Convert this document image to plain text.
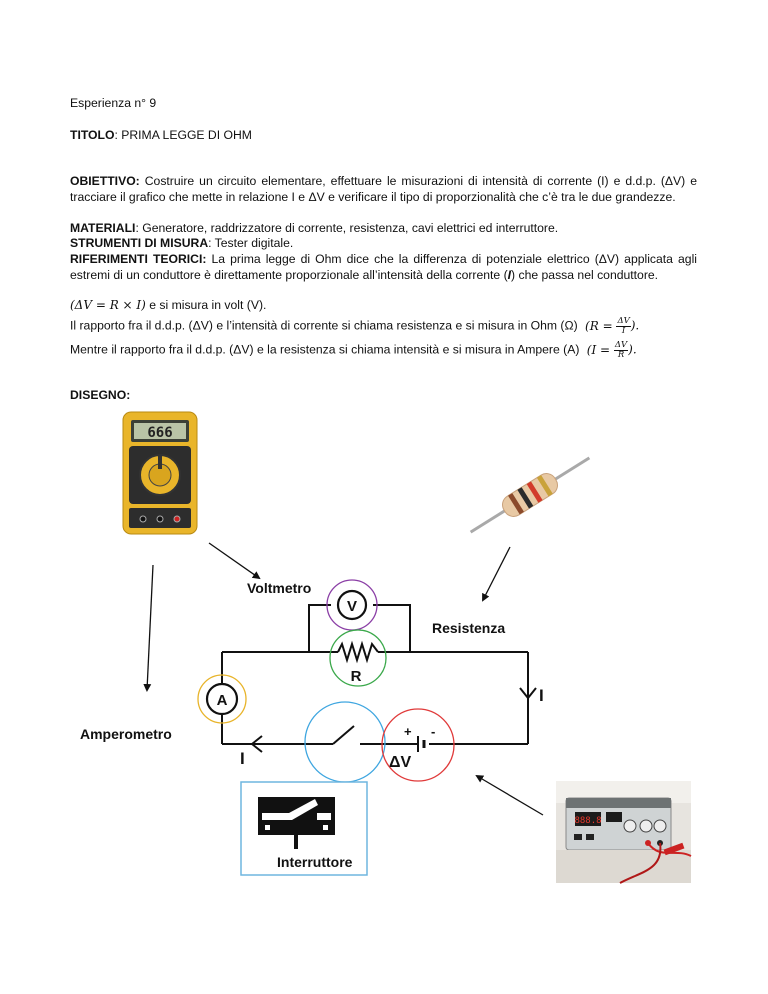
Esperienza n° 9
TITOLO: PRIMA LEGGE DI OHM
OBIETTIVO: Costruire un circuito elementare, effettuare le misurazioni di intensità di corrente (I) e d.d.p. (ΔV) e tracciare il grafico che mette in relazione I e ΔV e verificare il tipo di proporzionalità che c’è tra le due grandezze.
MATERIALI: Generatore, raddrizzatore di corrente, resistenza, cavi elettrici ed interruttore.
STRUMENTI DI MISURA: Tester digitale.
RIFERIMENTI TEORICI: La prima legge di Ohm dice che la differenza di potenziale elettrico (ΔV) applicata agli estremi di un conduttore è direttamente proporzionale all’intensità della corrente (I) che passa nel conduttore.
(ΔV = R × I) e si misura in volt (V).
Il rapporto fra il d.d.p. (ΔV) e l’intensità di corrente si chiama resistenza e si misura in Ohm (Ω) ($R = \frac{\Delta V}{I}$ ).
Mentre il rapporto fra il d.d.p. (ΔV) e la resistenza si chiama intensità e si misura in Ampere (A) ($I = \frac{\Delta V}{R}$ ).
DISEGNO:
666
Voltmetro
Resistenza
Amperometro
V
R
A	I
I
+ -
ΔV
Interruttore
888.8
